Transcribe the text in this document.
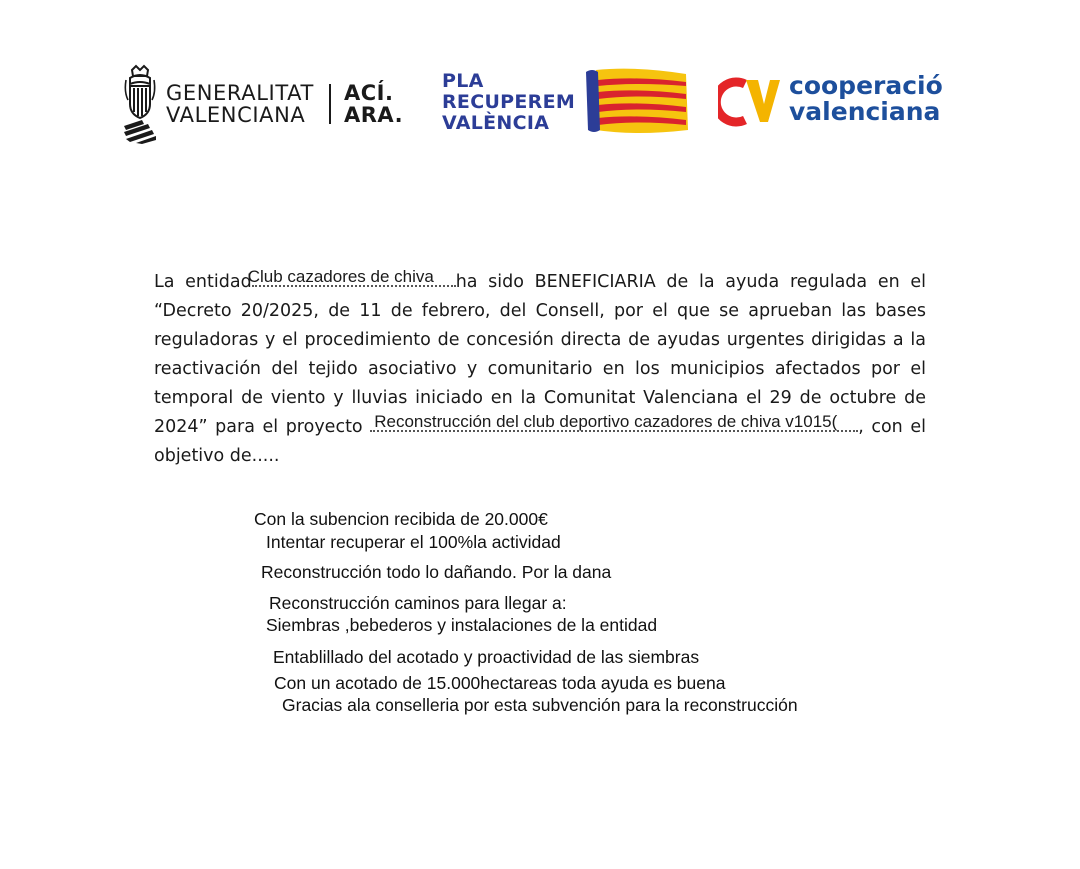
GENERALITAT
VALENCIANA
ACÍ.
ARA.
PLA
RECUPEREM
VALÈNCIA
cooperació
valenciana
La entidad
Club cazadores de chiva ha sido BENEFICIARIA de la ayuda regulada en el “Decreto 20/2025, de 11 de febrero, del Consell, por el que se aprueban las bases reguladoras y el procedimiento de concesión directa de ayudas urgentes dirigidas a la reactivación del tejido asociativo y comunitario en los municipios afectados por el temporal de viento y lluvias iniciado en la Comunitat Valenciana el 29 de octubre de 2024” para el proyecto Reconstrucción del club deportivo cazadores de chiva v1015( , con el objetivo de.....
Con la subencion recibida de 20.000€
Intentar recuperar el 100%la actividad
Reconstrucción todo lo dañando. Por la dana
Reconstrucción caminos para llegar a:
Siembras ,bebederos y instalaciones de la entidad
Entablillado del acotado y proactividad de las siembras
Con un acotado de 15.000hectareas toda ayuda es buena
Gracias ala conselleria por esta subvención para la reconstrucción
